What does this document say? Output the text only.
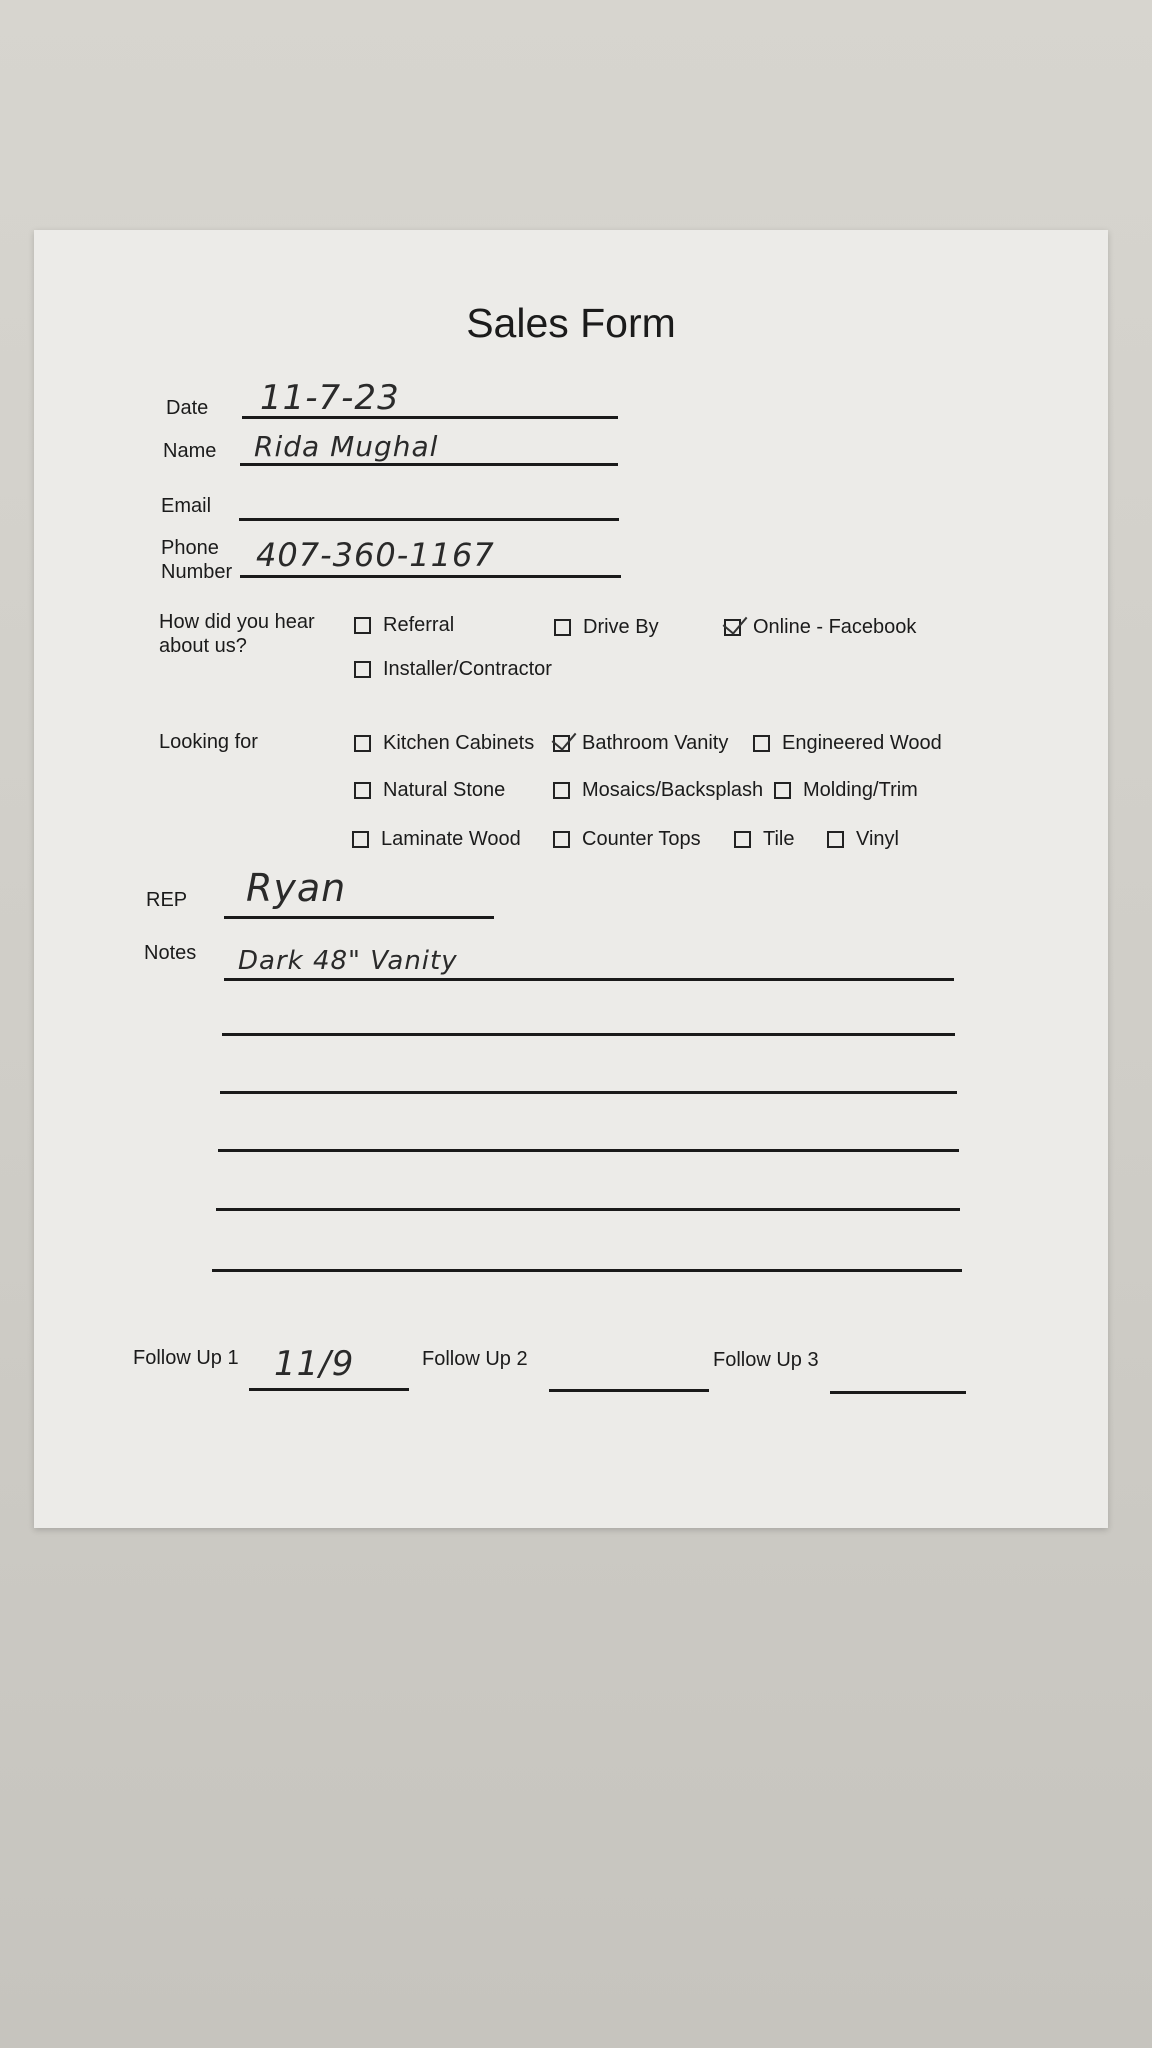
Sales Form
Date 11-7-23
Name Rida Mughal
Email
Phone
Number 407-360-1167
How did you hear
about us?
Referral	Drive By	Online - Facebook
Installer/Contractor
Looking for	Kitchen Cabinets Bathroom Vanity	Engineered Wood
Natural Stone	Mosaics/Backsplash Molding/Trim
Laminate Wood	Counter Tops	Tile	Vinyl
REP Ryan
Notes Dark 48" Vanity
Follow Up 1 11/9	Follow Up 2	Follow Up 3
